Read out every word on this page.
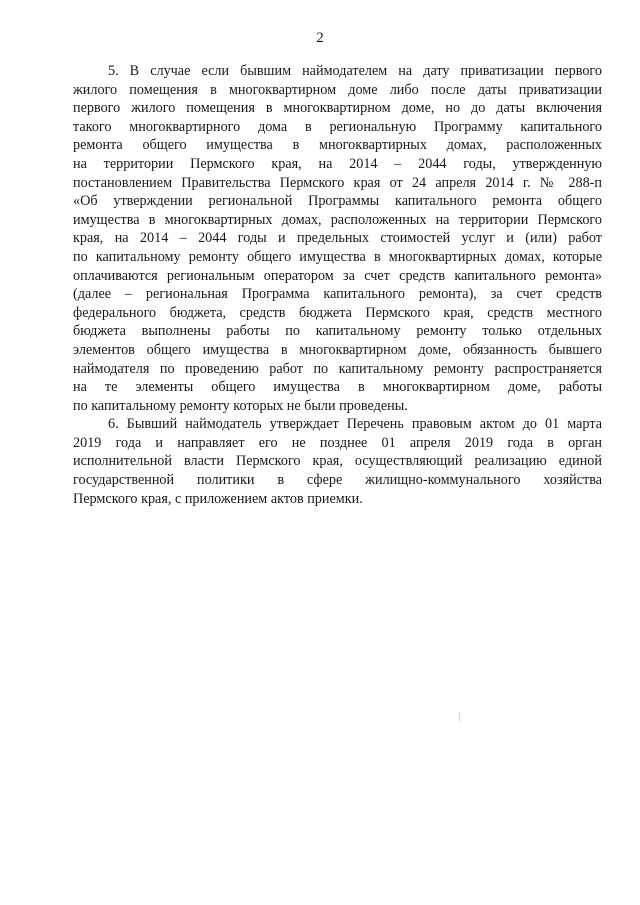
2
5. В случае если бывшим наймодателем на дату приватизации первого
жилого помещения в многоквартирном доме либо после даты приватизации
первого жилого помещения в многоквартирном доме, но до даты включения
такого многоквартирного дома в региональную Программу капитального
ремонта общего имущества в многоквартирных домах, расположенных
на территории Пермского края, на 2014 – 2044 годы, утвержденную
постановлением Правительства Пермского края от 24 апреля 2014 г. № 288-п
«Об утверждении региональной Программы капитального ремонта общего
имущества в многоквартирных домах, расположенных на территории Пермского
края, на 2014 – 2044 годы и предельных стоимостей услуг и (или) работ
по капитальному ремонту общего имущества в многоквартирных домах, которые
оплачиваются региональным оператором за счет средств капитального ремонта»
(далее – региональная Программа капитального ремонта), за счет средств
федерального бюджета, средств бюджета Пермского края, средств местного
бюджета выполнены работы по капитальному ремонту только отдельных
элементов общего имущества в многоквартирном доме, обязанность бывшего
наймодателя по проведению работ по капитальному ремонту распространяется
на те элементы общего имущества в многоквартирном доме, работы
по капитальному ремонту которых не были проведены.
6. Бывший наймодатель утверждает Перечень правовым актом до 01 марта
2019 года и направляет его не позднее 01 апреля 2019 года в орган
исполнительной власти Пермского края, осуществляющий реализацию единой
государственной политики в сфере жилищно-коммунального хозяйства
Пермского края, с приложением актов приемки.
